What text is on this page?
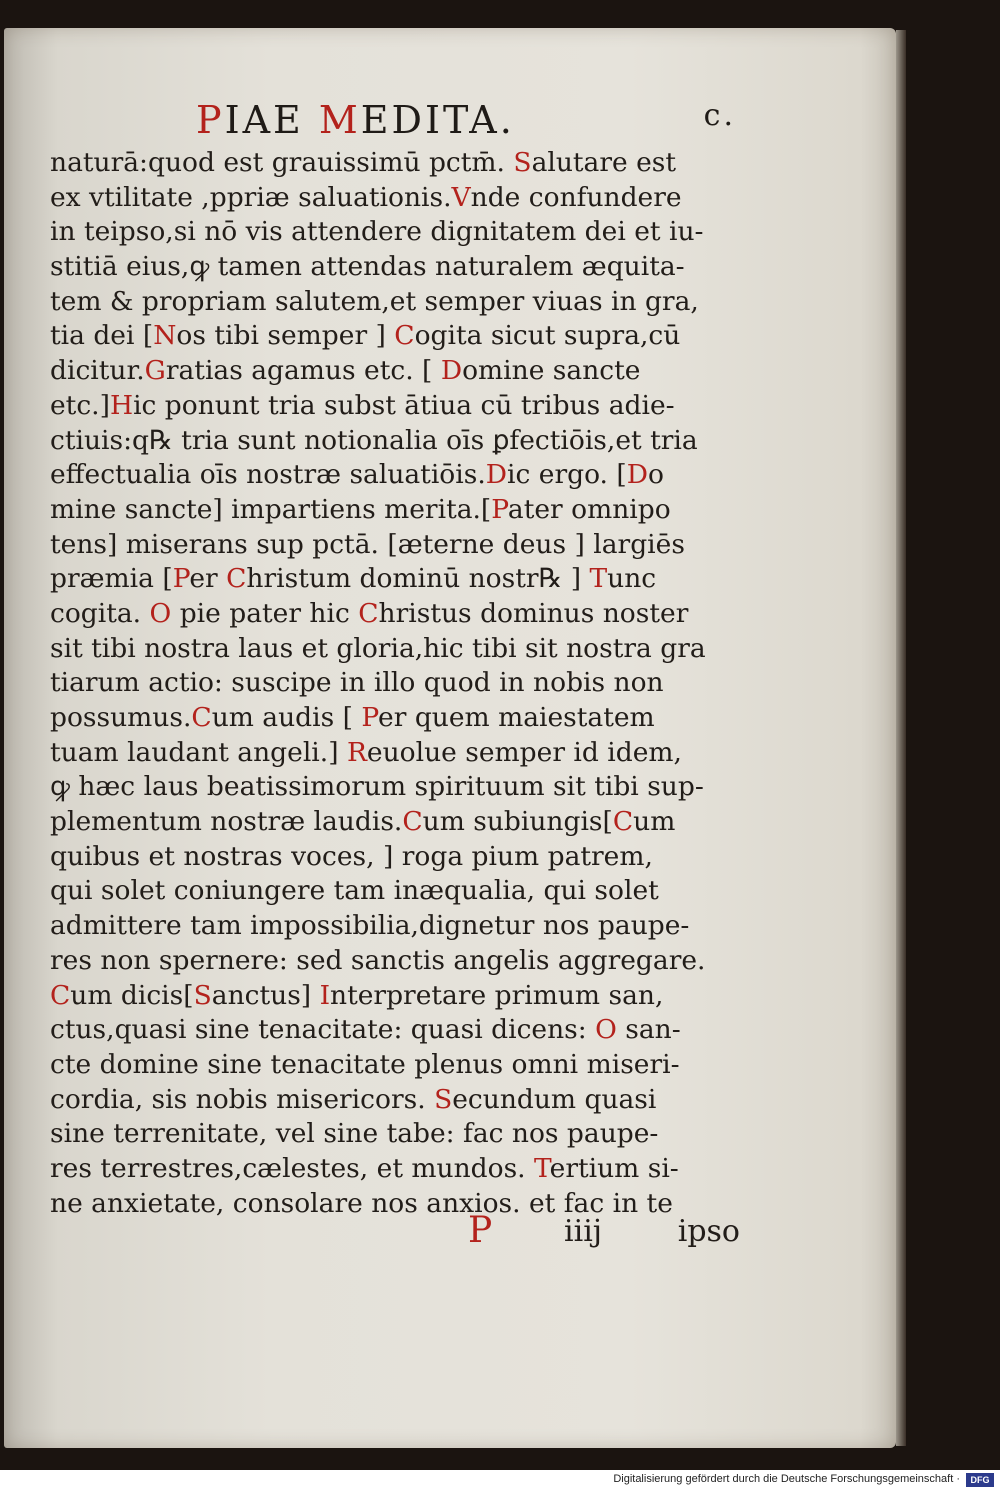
PIAE MEDITA.	c.
naturā:quod est grauissimū pctm̄. Salutare est
ex vtilitate ,ppriæ saluationis.Vnde confundere
in teipso,si nō vis attendere dignitatem dei et iu-
stitiā eius,ꝙ tamen attendas naturalem æquita-
tem & propriam salutem,et semper viuas in gra,
tia dei [Nos tibi semper ] Cogita sicut supra,cū
dicitur.Gratias agamus etc. [ Domine sancte
etc.]Hic ponunt tria subst ātiua cū tribus adie-
ctiuis:q℞ tria sunt notionalia oīs ꝑfectiōis,et tria
effectualia oīs nostræ saluatiōis.Dic ergo. [Do
mine sancte] impartiens merita.[Pater omnipo
tens] miserans sup pctā. [æterne deus ] largiēs
præmia [Per Christum dominū nostr℞ ] Tunc
cogita. O pie pater hic Christus dominus noster
sit tibi nostra laus et gloria,hic tibi sit nostra gra
tiarum actio: suscipe in illo quod in nobis non
possumus.Cum audis [ Per quem maiestatem
tuam laudant angeli.] Reuolue semper id idem,
ꝙ hæc laus beatissimorum spirituum sit tibi sup-
plementum nostræ laudis.Cum subiungis[Cum
quibus et nostras voces, ] roga pium patrem,
qui solet coniungere tam inæqualia, qui solet
admittere tam impossibilia,dignetur nos paupe-
res non spernere: sed sanctis angelis aggregare.
Cum dicis[Sanctus] Interpretare primum san,
ctus,quasi sine tenacitate: quasi dicens: O san-
cte domine sine tenacitate plenus omni miseri-
cordia, sis nobis misericors. Secundum quasi
sine terrenitate, vel sine tabe: fac nos paupe-
res terrestres,cælestes, et mundos. Tertium si-
ne anxietate, consolare nos anxios. et fac in te
P iiij	ipso
Digitalisierung gefördert durch die Deutsche Forschungsgemeinschaft ·	DFG
